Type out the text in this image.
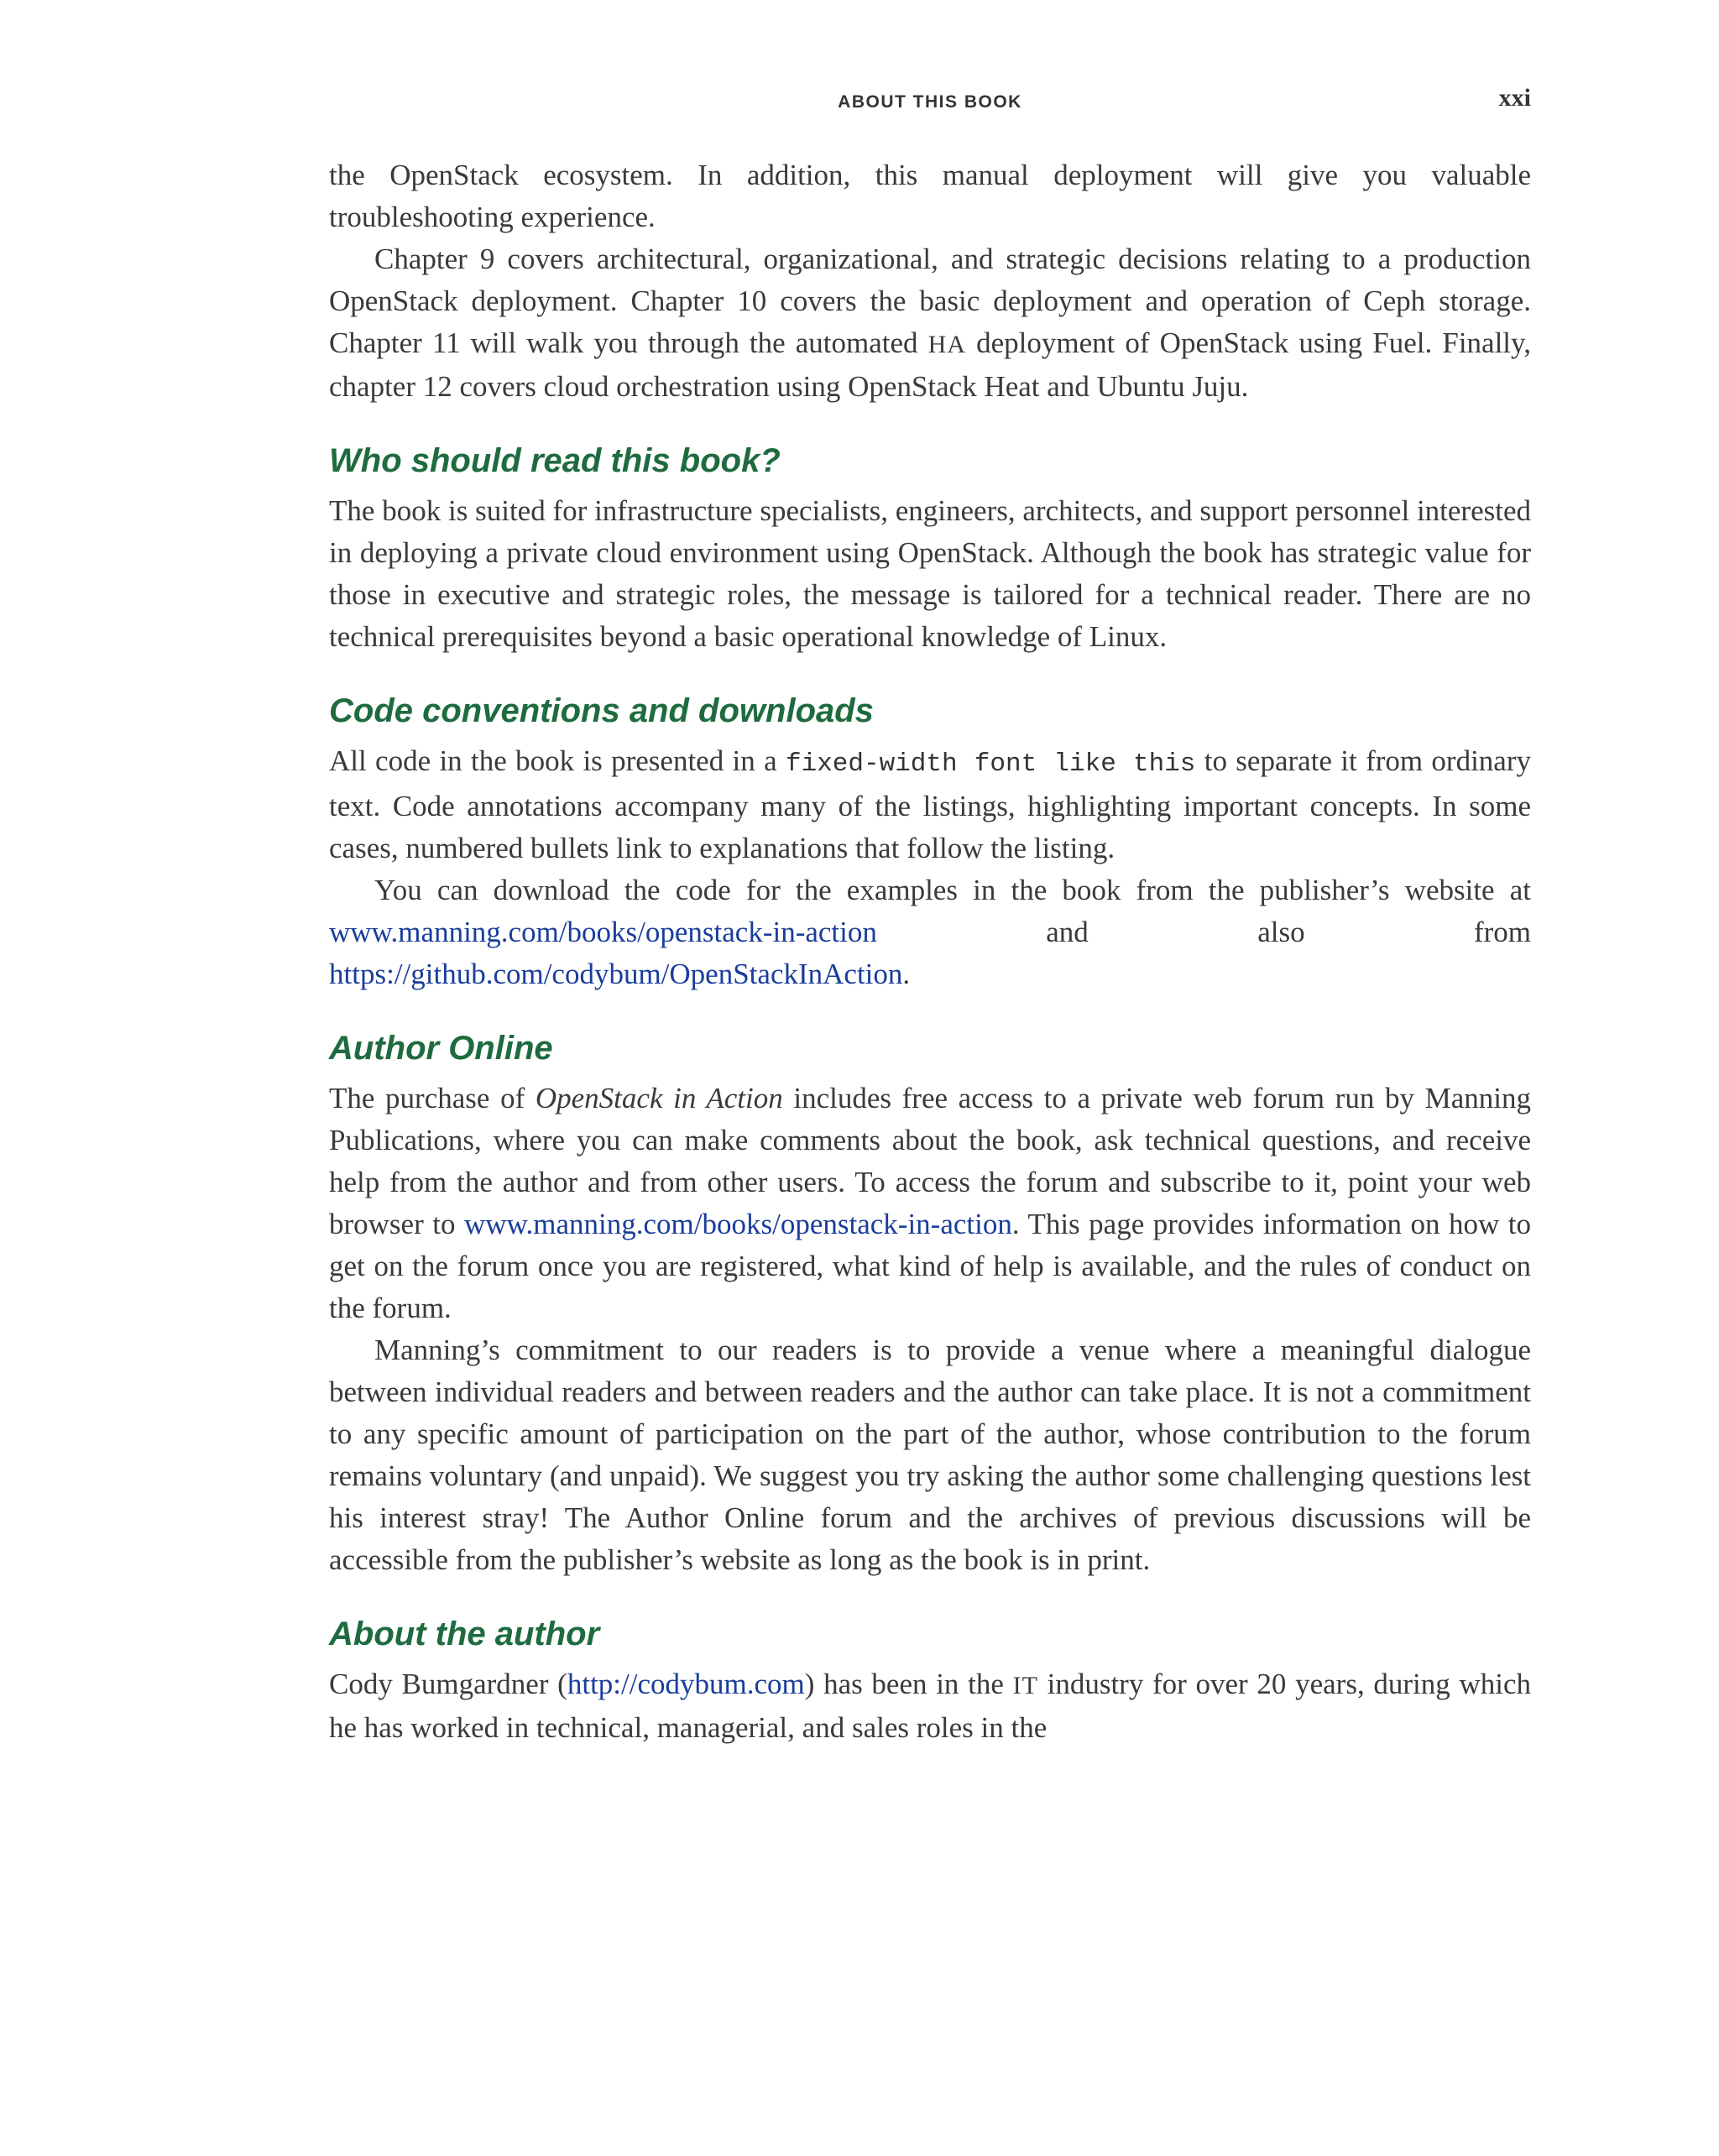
ABOUT THIS BOOK	xxi

the OpenStack ecosystem. In addition, this manual deployment will give you valuable troubleshooting experience.

Chapter 9 covers architectural, organizational, and strategic decisions relating to a production OpenStack deployment. Chapter 10 covers the basic deployment and operation of Ceph storage. Chapter 11 will walk you through the automated HA deployment of OpenStack using Fuel. Finally, chapter 12 covers cloud orchestration using OpenStack Heat and Ubuntu Juju.

Who should read this book?

The book is suited for infrastructure specialists, engineers, architects, and support personnel interested in deploying a private cloud environment using OpenStack. Although the book has strategic value for those in executive and strategic roles, the message is tailored for a technical reader. There are no technical prerequisites beyond a basic operational knowledge of Linux.

Code conventions and downloads

All code in the book is presented in a fixed-width font like this to separate it from ordinary text. Code annotations accompany many of the listings, highlighting important concepts. In some cases, numbered bullets link to explanations that follow the listing.

You can download the code for the examples in the book from the publisher’s website at www.manning.com/books/openstack-in-action and also from https://github.com/codybum/OpenStackInAction.

Author Online

The purchase of OpenStack in Action includes free access to a private web forum run by Manning Publications, where you can make comments about the book, ask technical questions, and receive help from the author and from other users. To access the forum and subscribe to it, point your web browser to www.manning.com/books/openstack-in-action. This page provides information on how to get on the forum once you are registered, what kind of help is available, and the rules of conduct on the forum.

Manning’s commitment to our readers is to provide a venue where a meaningful dialogue between individual readers and between readers and the author can take place. It is not a commitment to any specific amount of participation on the part of the author, whose contribution to the forum remains voluntary (and unpaid). We suggest you try asking the author some challenging questions lest his interest stray! The Author Online forum and the archives of previous discussions will be accessible from the publisher’s website as long as the book is in print.

About the author

Cody Bumgardner (http://codybum.com) has been in the IT industry for over 20 years, during which he has worked in technical, managerial, and sales roles in the
